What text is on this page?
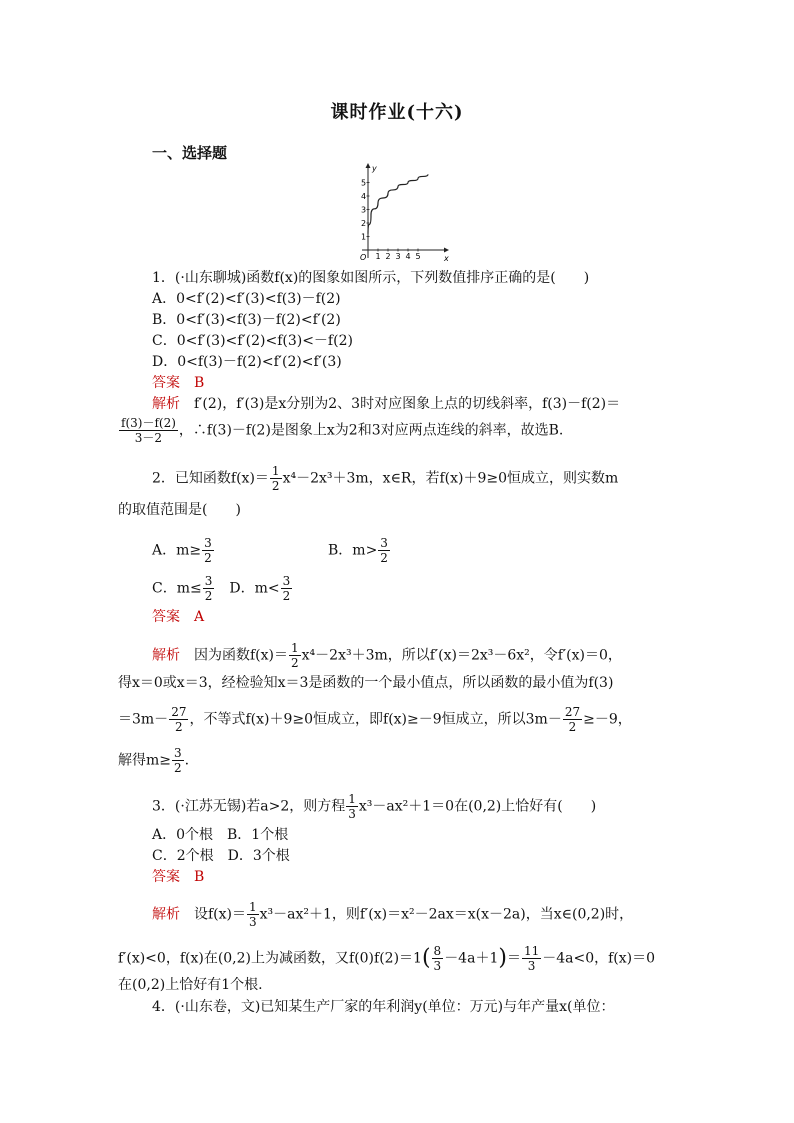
课时作业(十六)
一、选择题
y
x
O
1
2
3
4
5
1 2 3 4 5
1．(·山东聊城)函数f(x)的图象如图所示，下列数值排序正确的是(　　)
A．0<f′(2)<f′(3)<f(3)－f(2)
B．0<f′(3)<f(3)－f(2)<f′(2)
C．0<f′(3)<f′(2)<f(3)<－f(2)
D．0<f(3)－f(2)<f′(2)<f′(3)
答案　 B
解析　 f′(2)，f′(3)是x分别为2、3时对应图象上点的切线斜率，f(3)－f(2)＝
$\frac{f(3)-f(2)}{3-2}$ ，∴f(3)－f(2)是图象上x为2和3对应两点连线的斜率，故选B.
2．已知函数$f(x)= \frac{1}{2} x^4-2x^3+3m$，x∈R，若f(x)＋9≥0恒成立，则实数m
的取值范围是(　　)
A．$m\ge \frac{3}{2}$	B．$m> \frac{3}{2}$
C．$m\le \frac{3}{2}$
　 D．$m< \frac{3}{2}$
答案　 A
解析　 因为函数$f(x)= \frac{1}{2} x^4-2x^3+3m$，所以f′(x)＝2x³－6x²，令f′(x)＝0，
得x＝0或x＝3，经检验知x＝3是函数的一个最小值点，所以函数的最小值为f(3)
$=3m- \frac{27}{2}$ ，不等式f(x)＋9≥0恒成立，即f(x)≥－9恒成立，所以$3m- \frac{27}{2} \ge-9$，
解得$m\ge \frac{3}{2}$ .
3．(·江苏无锡)若a>2，则方程 $\frac{1}{3} x^3-ax^2+1=0$在(0,2)上恰好有(　　)
A．0个根　B．1个根
C．2个根　D．3个根
答案　 B
解析　 设$f(x)= \frac{1}{3} x^3-ax^2+1$，则f′(x)＝x²－2ax＝x(x－2a)，当x∈(0,2)时，
f′(x)<0，f(x)在(0,2)上为减函数，又$f(0)f(2)=1( \frac{8}{3} -4a+1)= \frac{11}{3} -4a<0$，f(x)＝0
在(0,2)上恰好有1个根.
4．(·山东卷，文)已知某生产厂家的年利润y(单位：万元)与年产量x(单位：
